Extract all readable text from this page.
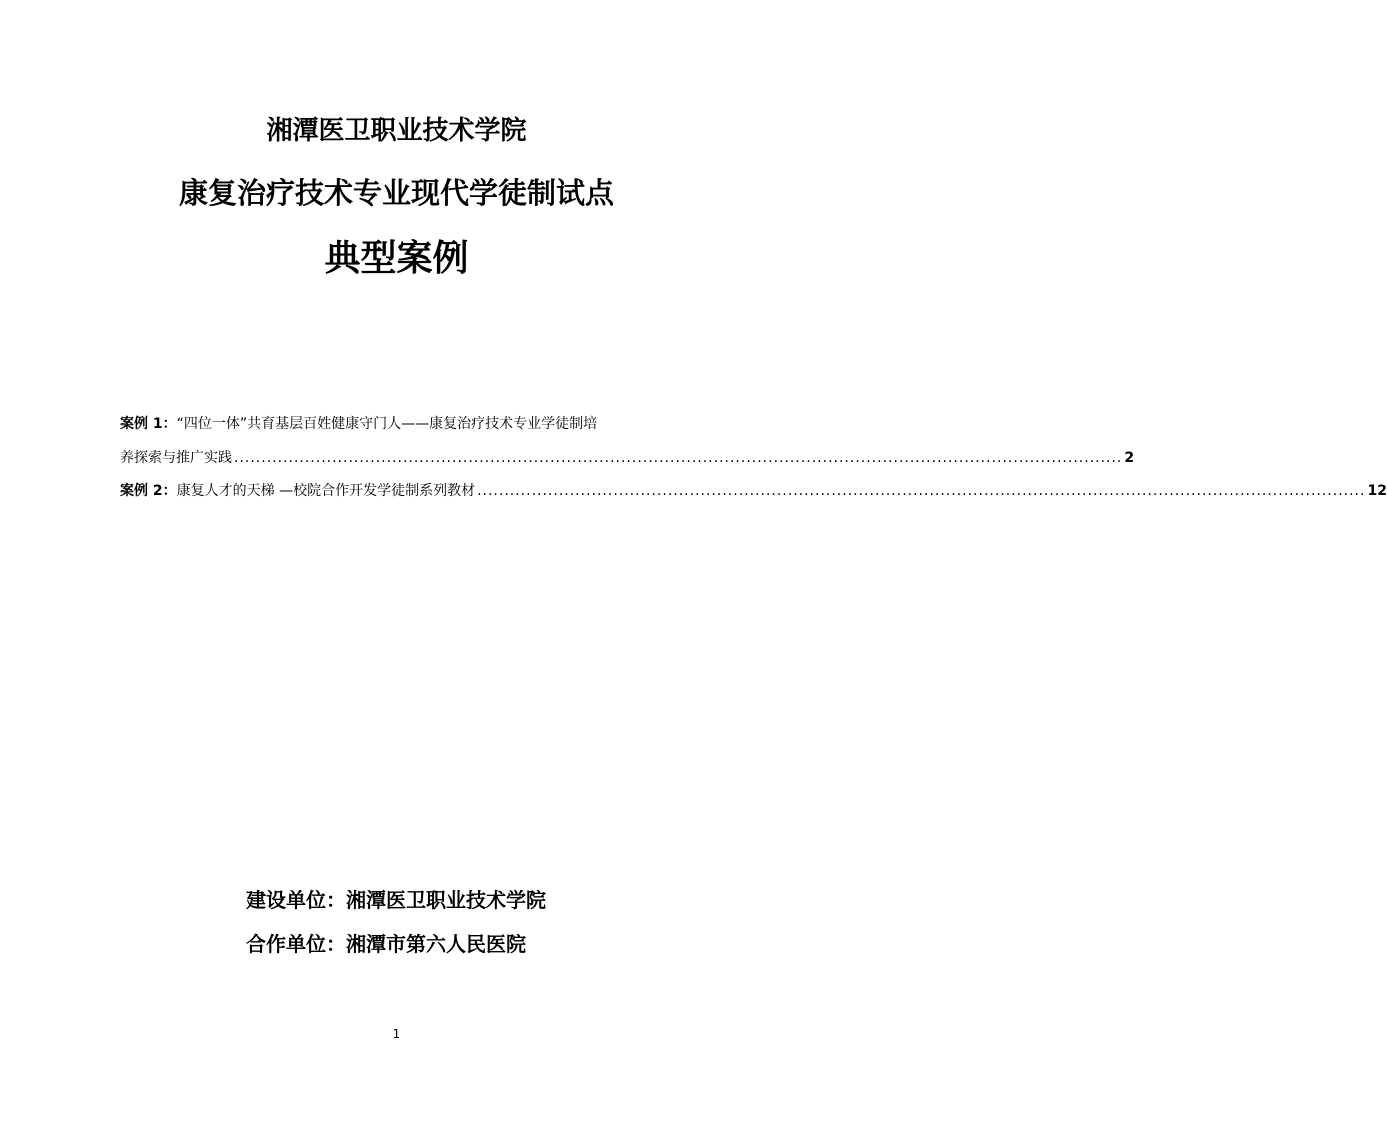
湘潭医卫职业技术学院
康复治疗技术专业现代学徒制试点
典型案例
案例 1：“四位一体”共育基层百姓健康守门人——康复治疗技术专业学徒制培
养探索与推广实践 ................................................................................................................................................................... 2
案例 2：康复人才的天梯 —校院合作开发学徒制系列教材 ................................................................................................................................................................... 12
建设单位：湘潭医卫职业技术学院
合作单位：湘潭市第六人民医院
1
